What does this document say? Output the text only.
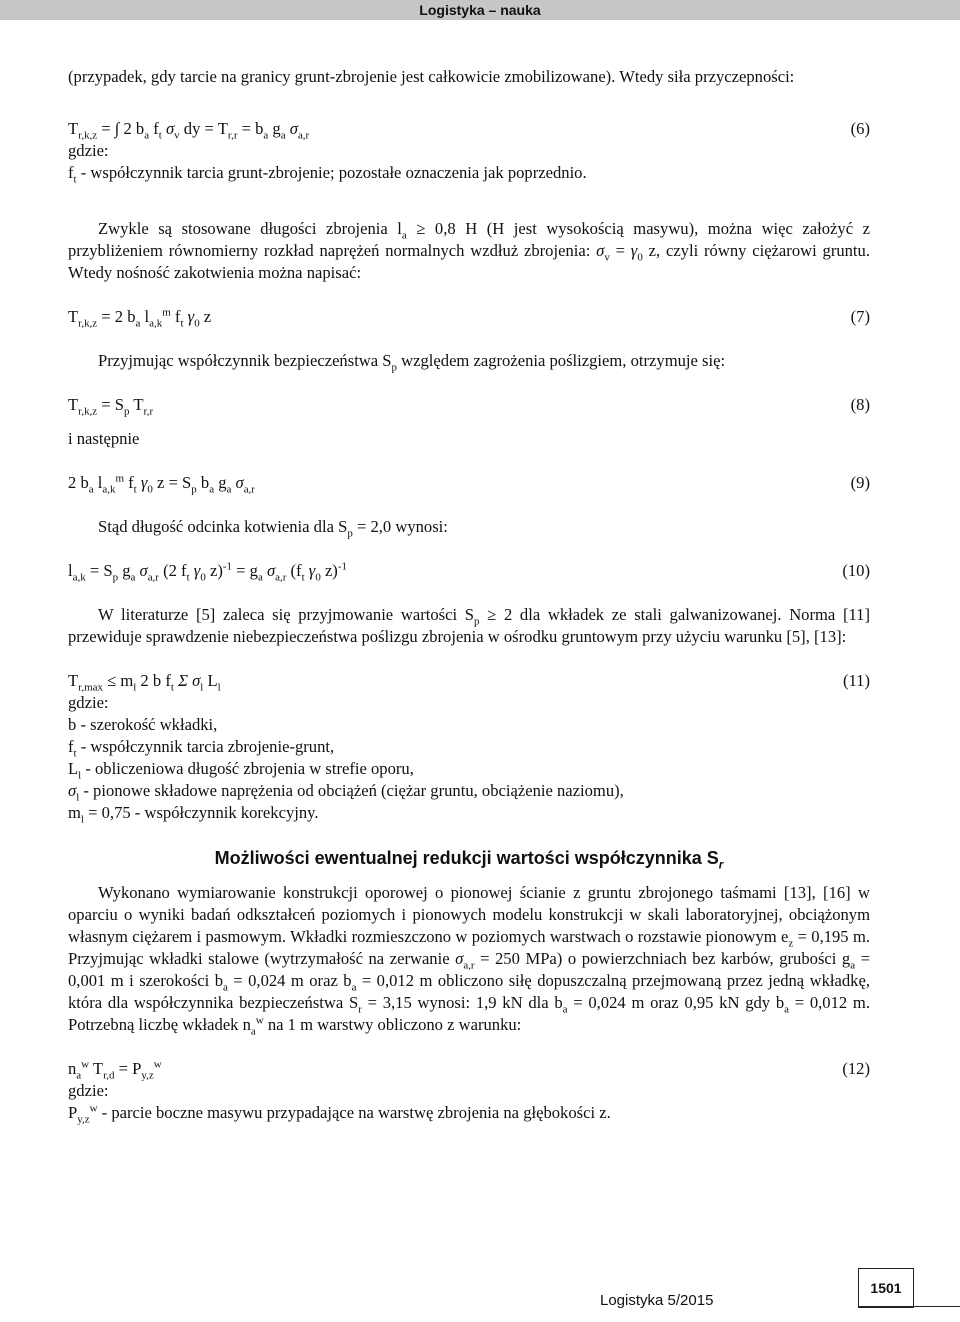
Logistyka – nauka

(przypadek, gdy tarcie na granicy grunt-zbrojenie jest całkowicie zmobilizowane). Wtedy siła przyczepności:

$T_{r,k,z}$ = ∫ 2 $b_a$ $f_t$ $\sigma_v$ dy = $T_{r,r} = b_a$ $g_a$ $\sigma_{a,r}$	(6)

gdzie:

$f_t$ - współczynnik tarcia grunt-zbrojenie; pozostałe oznaczenia jak poprzednio.

Zwykle są stosowane długości zbrojenia $l_a \ge 0,8$ H (H jest wysokością masywu), można więc założyć z przybliżeniem równomierny rozkład naprężeń normalnych wzdłuż zbrojenia: $\sigma_v = \gamma_0$ z, czyli równy ciężarowi gruntu. Wtedy nośność zakotwienia można napisać:

$T_{r,k,z} = 2$ $b_a$ $l_{a,k}^m$ $f_t$ $\gamma_0$ z	(7)

Przyjmując współczynnik bezpieczeństwa $S_p$ względem zagrożenia poślizgiem, otrzymuje się:

$T_{r,k,z} = S_p$ $T_{r,r}$	(8)

i następnie

2 $b_a$ $l_{a,k}^m$ $f_t$ $\gamma_0$ $z = S_p$ $b_a$ $g_a$ $\sigma_{a,r}$	(9)

Stąd długość odcinka kotwienia dla $S_p = 2,0$ wynosi:

$l_{a,k} = S_p$ $g_a$ $\sigma_{a,r}$ (2 $f_t$ $\gamma_0$ $z)^{-1} = g_a$ $\sigma_{a,r}$ ($f_t$ $\gamma_0$ z)$^{-1}$	(10)

W literaturze [5] zaleca się przyjmowanie wartości $S_p \ge 2$ dla wkładek ze stali galwanizowanej. Norma [11] przewiduje sprawdzenie niebezpieczeństwa poślizgu zbrojenia w ośrodku gruntowym przy użyciu warunku [5], [13]:

$T_{r,max} \le m_l$ 2 b $f_t$ Σ $\sigma_l$ $L_l$	(11)

gdzie:

b - szerokość wkładki,

$f_t$ - współczynnik tarcia zbrojenie-grunt,

$L_l$ - obliczeniowa długość zbrojenia w strefie oporu,

$\sigma_l$ - pionowe składowe naprężenia od obciążeń (ciężar gruntu, obciążenie naziomu),

$m_l = 0,75$ - współczynnik korekcyjny.

Możliwości ewentualnej redukcji wartości współczynnika $S_r$

Wykonano wymiarowanie konstrukcji oporowej o pionowej ścianie z gruntu zbrojonego taśmami [13], [16] w oparciu o wyniki badań odkształceń poziomych i pionowych modelu konstrukcji w skali laboratoryjnej, obciążonym własnym ciężarem i pasmowym. Wkładki rozmieszczono w poziomych warstwach o rozstawie pionowym $e_z = 0,195$ m. Przyjmując wkładki stalowe (wytrzymałość na zerwanie $\sigma_{a,r} = 250$ MPa) o powierzchniach bez karbów, grubości $g_a = 0,001$ m i szerokości $b_a = 0,024$ m oraz $b_a = 0,012$ m obliczono siłę dopuszczalną przejmowaną przez jedną wkładkę, która dla współczynnika bezpieczeństwa $S_r = 3,15$ wynosi: 1,9 kN dla $b_a = 0,024$ m oraz 0,95 kN gdy $b_a = 0,012$ m. Potrzebną liczbę wkładek $n_a^w$ na 1 m warstwy obliczono z warunku:

$n_a^w$ $T_{r,d} = P_{y,z}^w$	(12)

gdzie:

$P_{y,z}^w$ - parcie boczne masywu przypadające na warstwę zbrojenia na głębokości z.

Logistyka 5/2015
1501
